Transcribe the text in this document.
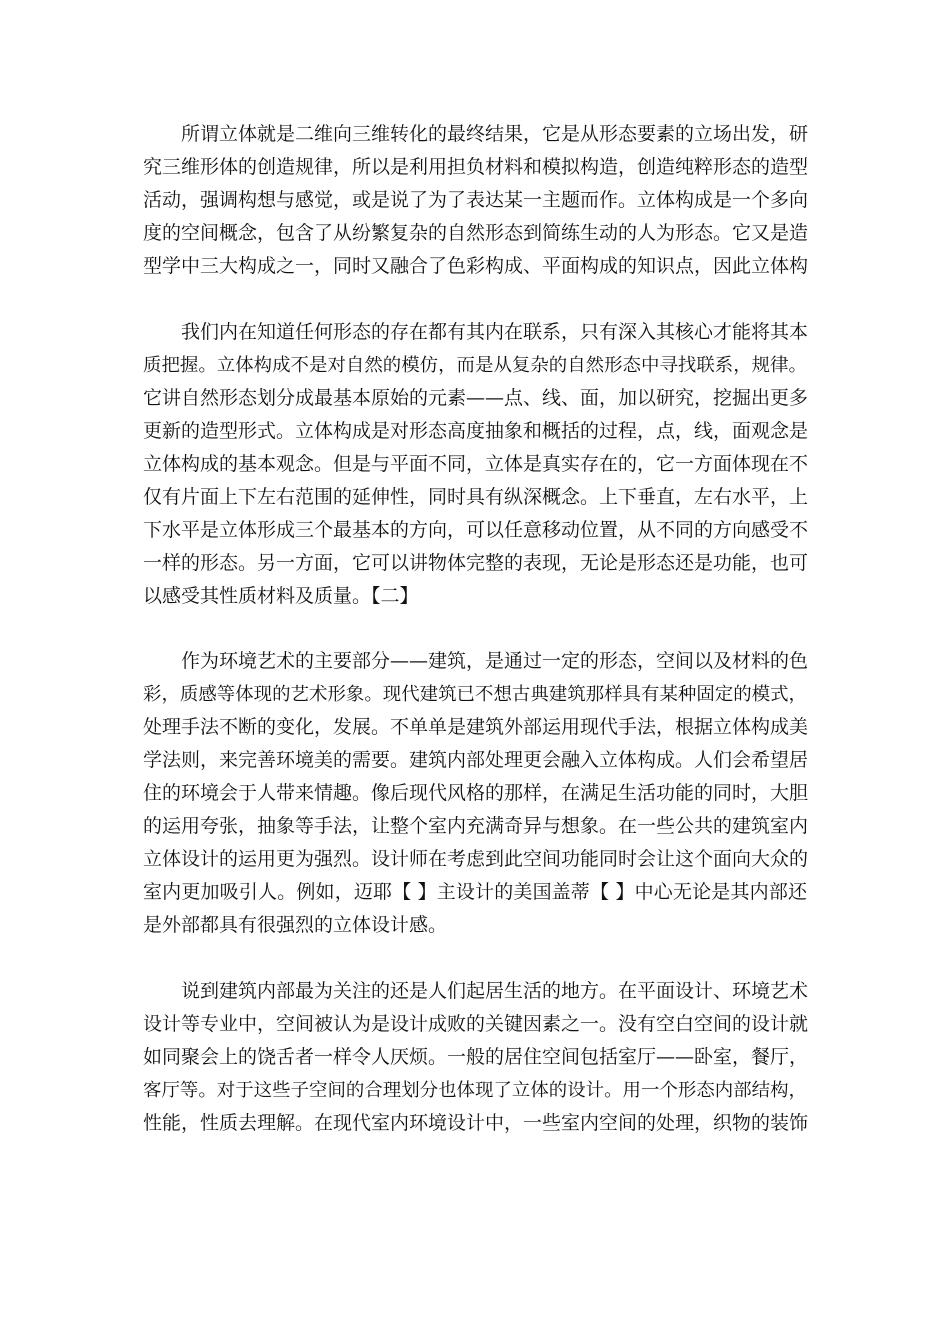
所谓立体就是二维向三维转化的最终结果，它是从形态要素的立场出发，研
究三维形体的创造规律，所以是利用担负材料和模拟构造，创造纯粹形态的造型
活动，强调构想与感觉，或是说了为了表达某一主题而作。立体构成是一个多向
度的空间概念，包含了从纷繁复杂的自然形态到简练生动的人为形态。它又是造
型学中三大构成之一，同时又融合了色彩构成、平面构成的知识点，因此立体构
我们内在知道任何形态的存在都有其内在联系，只有深入其核心才能将其本
质把握。立体构成不是对自然的模仿，而是从复杂的自然形态中寻找联系，规律。
它讲自然形态划分成最基本原始的元素——点、线、面，加以研究，挖掘出更多
更新的造型形式。立体构成是对形态高度抽象和概括的过程，点，线，面观念是
立体构成的基本观念。但是与平面不同，立体是真实存在的，它一方面体现在不
仅有片面上下左右范围的延伸性，同时具有纵深概念。上下垂直，左右水平，上
下水平是立体形成三个最基本的方向，可以任意移动位置，从不同的方向感受不
一样的形态。另一方面，它可以讲物体完整的表现，无论是形态还是功能，也可
以感受其性质材料及质量。【二】
作为环境艺术的主要部分——建筑，是通过一定的形态，空间以及材料的色
彩，质感等体现的艺术形象。现代建筑已不想古典建筑那样具有某种固定的模式，
处理手法不断的变化，发展。不单单是建筑外部运用现代手法，根据立体构成美
学法则，来完善环境美的需要。建筑内部处理更会融入立体构成。人们会希望居
住的环境会于人带来情趣。像后现代风格的那样，在满足生活功能的同时，大胆
的运用夸张，抽象等手法，让整个室内充满奇异与想象。在一些公共的建筑室内
立体设计的运用更为强烈。设计师在考虑到此空间功能同时会让这个面向大众的
室内更加吸引人。例如，迈耶【 】主设计的美国盖蒂【 】中心无论是其内部还
是外部都具有很强烈的立体设计感。
说到建筑内部最为关注的还是人们起居生活的地方。在平面设计、环境艺术
设计等专业中，空间被认为是设计成败的关键因素之一。没有空白空间的设计就
如同聚会上的饶舌者一样令人厌烦。一般的居住空间包括室厅——卧室，餐厅，
客厅等。对于这些子空间的合理划分也体现了立体的设计。用一个形态内部结构，
性能，性质去理解。在现代室内环境设计中，一些室内空间的处理，织物的装饰
